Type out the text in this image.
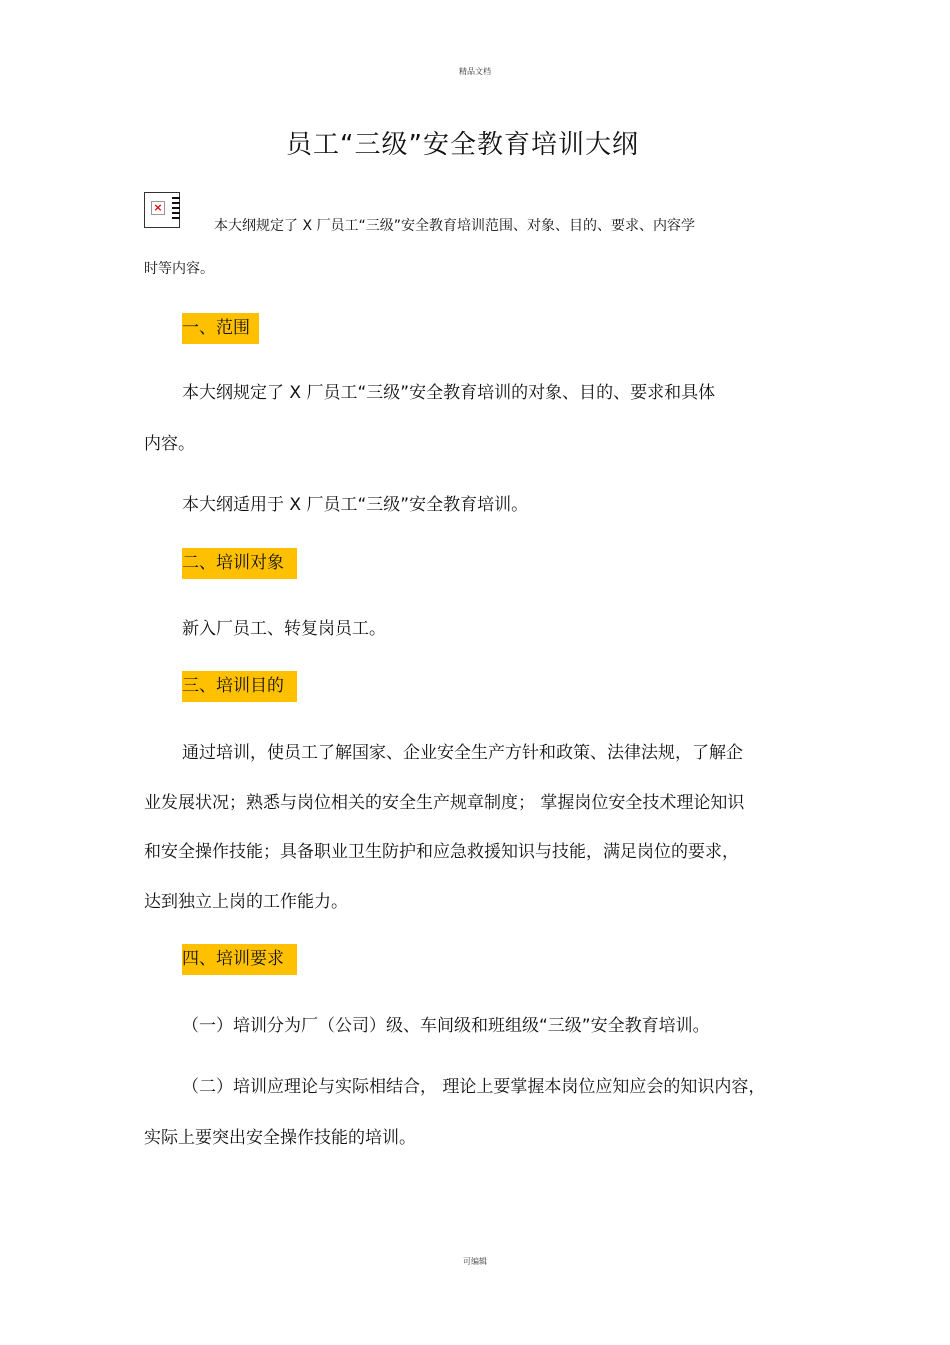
精品文档
员工“三级”安全教育培训大纲
×
本大纲规定了 X 厂员工“三级”安全教育培训范围、对象、目的、要求、内容学
时等内容。
一、范围
本大纲规定了 X 厂员工“三级”安全教育培训的对象、目的、要求和具体
内容。
本大纲适用于 X 厂员工“三级”安全教育培训。
二、培训对象
新入厂员工、转复岗员工。
三、培训目的
通过培训，使员工了解国家、企业安全生产方针和政策、法律法规，了解企
业发展状况；熟悉与岗位相关的安全生产规章制度； 掌握岗位安全技术理论知识
和安全操作技能；具备职业卫生防护和应急救援知识与技能，满足岗位的要求，
达到独立上岗的工作能力。
四、培训要求
（一）培训分为厂（公司）级、车间级和班组级“三级”安全教育培训。
（二）培训应理论与实际相结合， 理论上要掌握本岗位应知应会的知识内容，
实际上要突出安全操作技能的培训。
可编辑
